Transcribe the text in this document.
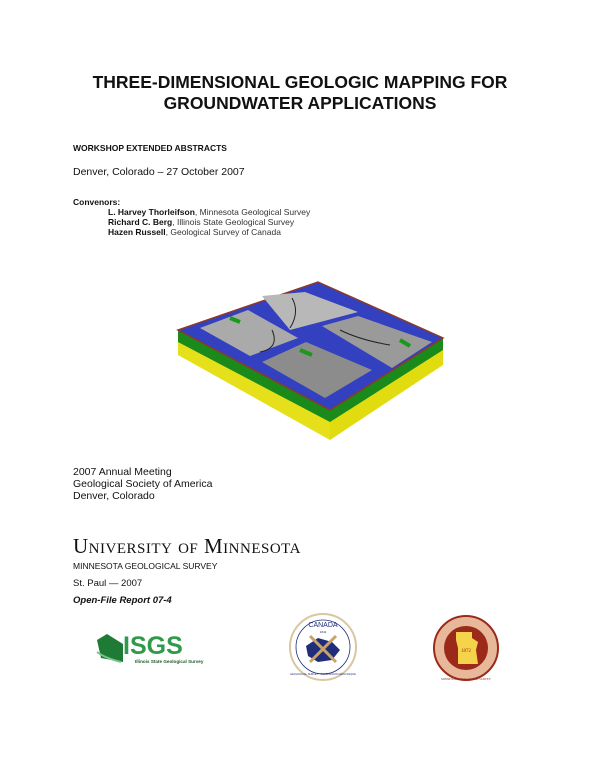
THREE-DIMENSIONAL GEOLOGIC MAPPING FOR
GROUNDWATER APPLICATIONS
WORKSHOP EXTENDED ABSTRACTS
Denver, Colorado – 27 October 2007
Convenors:
L. Harvey Thorleifson, Minnesota Geological Survey
Richard C. Berg, Illinois State Geological Survey
Hazen Russell, Geological Survey of Canada
2007 Annual Meeting
Geological Society of America
Denver, Colorado
University of Minnesota
MINNESOTA GEOLOGICAL SURVEY
St. Paul — 2007
Open-File Report 07-4
ISGS
Illinois State Geological Survey
CANADA
1842
GEOLOGICAL SURVEY · COMMISSION GÉOLOGIQUE
1872
MINNESOTA GEOLOGICAL SURVEY
